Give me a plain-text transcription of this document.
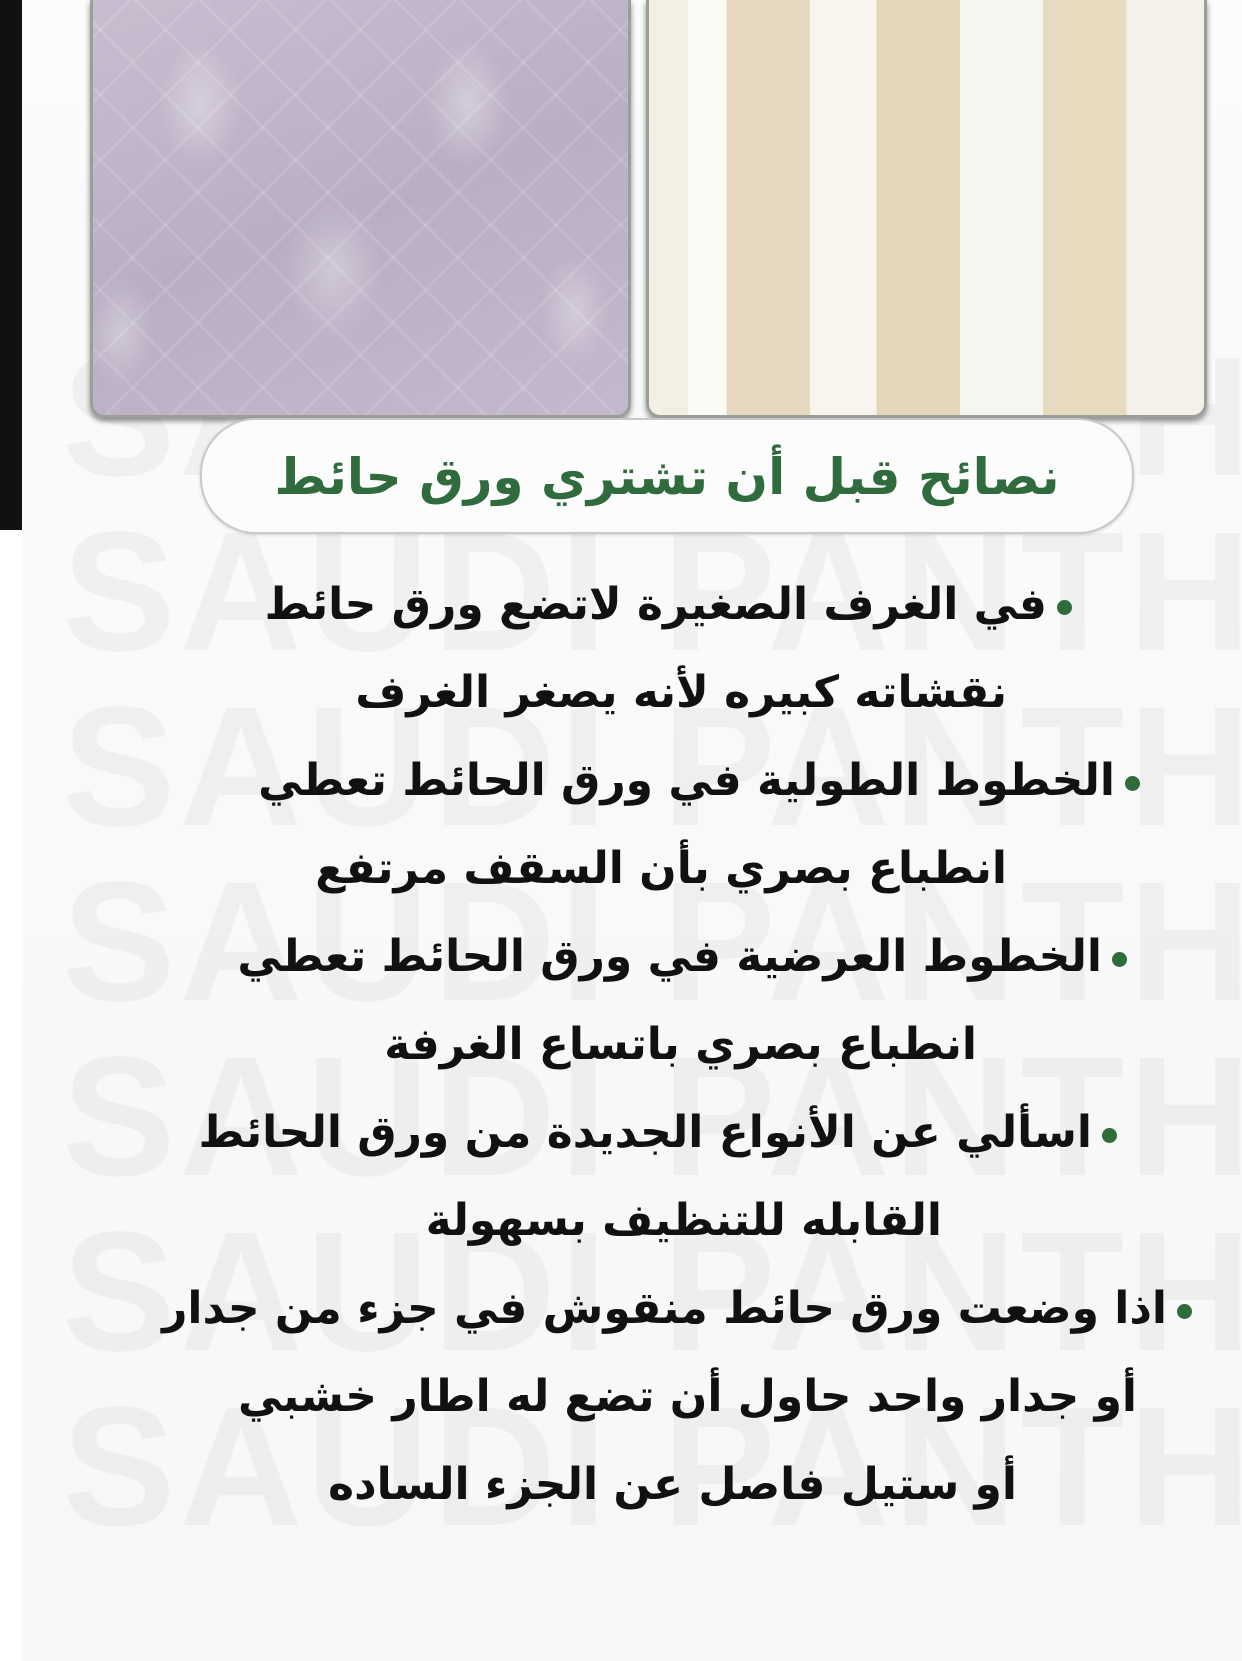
نصائح قبل أن تشتري ورق حائط
في الغرف الصغيرة لاتضع ورق حائط
نقشاته كبيره لأنه يصغر الغرف
الخطوط الطولية في ورق الحائط تعطي
انطباع بصري بأن السقف مرتفع
الخطوط العرضية في ورق الحائط تعطي
انطباع بصري باتساع الغرفة
اسألي عن الأنواع الجديدة من ورق الحائط
القابله للتنظيف بسهولة
اذا وضعت ورق حائط منقوش في جزء من جدار
أو جدار واحد حاول أن تضع له اطار خشبي
أو ستيل فاصل عن الجزء الساده
